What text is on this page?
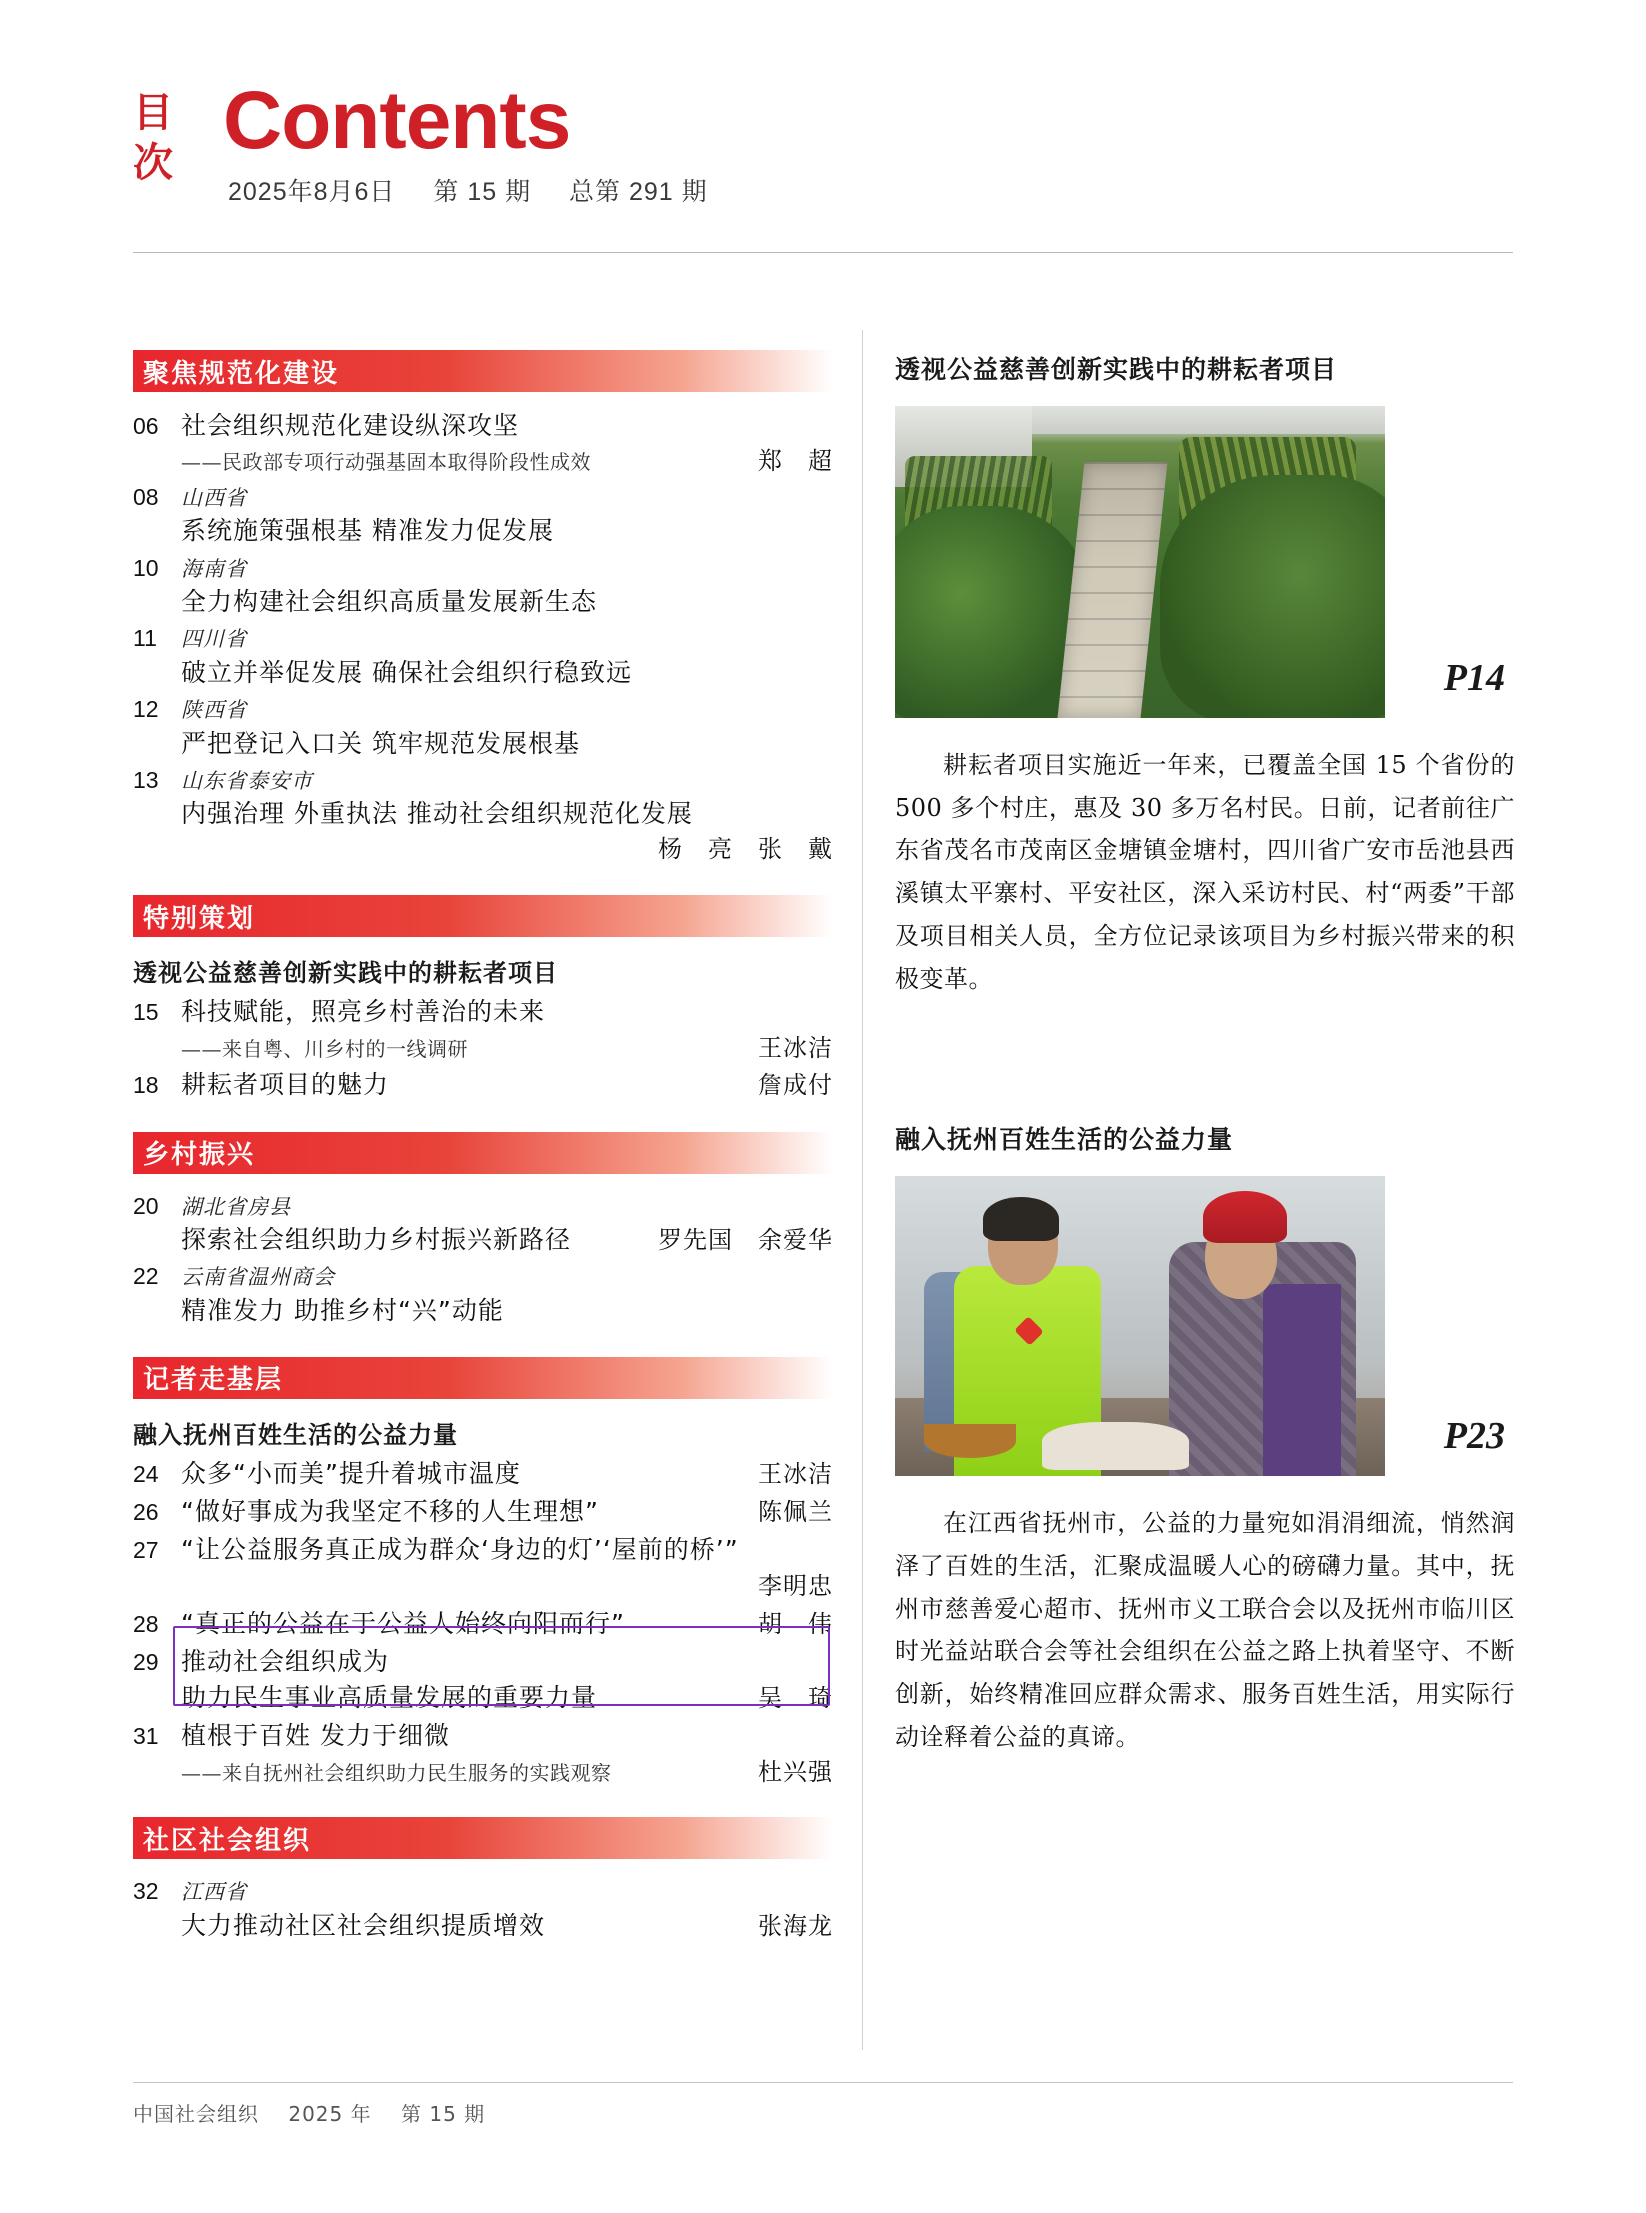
目
次 Contents
2025年8月6日 第 15 期 总第 291 期
聚焦规范化建设
06 社会组织规范化建设纵深攻坚
——民政部专项行动强基固本取得阶段性成效	郑　超
08	山西省
系统施策强根基 精准发力促发展
10	海南省
全力构建社会组织高质量发展新生态
11	四川省
破立并举促发展 确保社会组织行稳致远
12	陕西省
严把登记入口关 筑牢规范发展根基
13	山东省泰安市
内强治理 外重执法 推动社会组织规范化发展
杨　亮　张　戴
特别策划
透视公益慈善创新实践中的耕耘者项目
15 科技赋能，照亮乡村善治的未来
——来自粤、川乡村的一线调研	王冰洁
18 耕耘者项目的魅力	詹成付
乡村振兴
20	湖北省房县
探索社会组织助力乡村振兴新路径	罗先国　余爱华
22	云南省温州商会
精准发力 助推乡村“兴”动能
记者走基层
融入抚州百姓生活的公益力量
24 众多“小而美”提升着城市温度	王冰洁
26 “做好事成为我坚定不移的人生理想”	陈佩兰
27 “让公益服务真正成为群众‘身边的灯’‘屋前的桥’”
李明忠
28 “真正的公益在于公益人始终向阳而行”	胡　伟
29 推动社会组织成为
助力民生事业高质量发展的重要力量	吴　琦
31 植根于百姓 发力于细微
——来自抚州社会组织助力民生服务的实践观察	杜兴强
社区社会组织
32	江西省
大力推动社区社会组织提质增效	张海龙
透视公益慈善创新实践中的耕耘者项目
P14
耕耘者项目实施近一年来，已覆盖全国 15 个省份的 500 多个村庄，惠及 30 多万名村民。日前，记者前往广东省茂名市茂南区金塘镇金塘村，四川省广安市岳池县西溪镇太平寨村、平安社区，深入采访村民、村“两委”干部及项目相关人员，全方位记录该项目为乡村振兴带来的积极变革。
融入抚州百姓生活的公益力量
P23
在江西省抚州市，公益的力量宛如涓涓细流，悄然润泽了百姓的生活，汇聚成温暖人心的磅礴力量。其中，抚州市慈善爱心超市、抚州市义工联合会以及抚州市临川区时光益站联合会等社会组织在公益之路上执着坚守、不断创新，始终精准回应群众需求、服务百姓生活，用实际行动诠释着公益的真谛。
中国社会组织 2025 年 第 15 期
